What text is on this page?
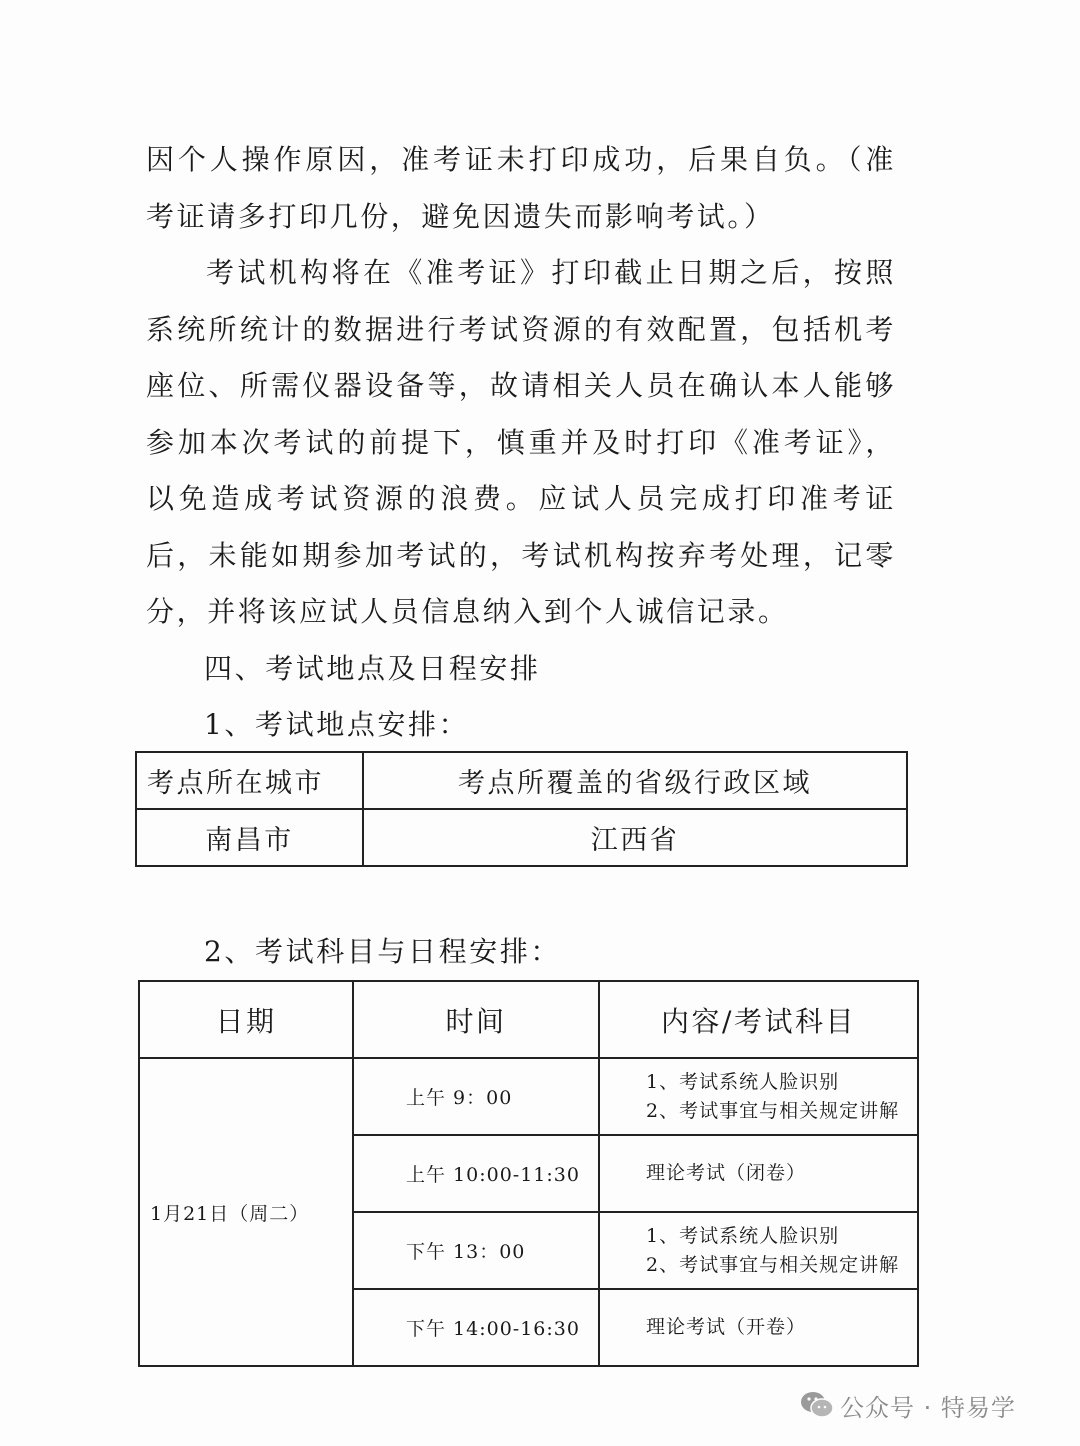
因个人操作原因，准考证未打印成功，后果自负。（准考证请多打印几份，避免因遗失而影响考试。）

考试机构将在《准考证》打印截止日期之后，按照系统所统计的数据进行考试资源的有效配置，包括机考座位、所需仪器设备等，故请相关人员在确认本人能够参加本次考试的前提下，慎重并及时打印《准考证》，以免造成考试资源的浪费。应试人员完成打印准考证后，未能如期参加考试的，考试机构按弃考处理，记零分，并将该应试人员信息纳入到个人诚信记录。

四、考试地点及日程安排

1、考试地点安排：

考点所在城市	考点所覆盖的省级行政区域
南昌市	江西省

2、考试科目与日程安排：

日期	时间	内容/考试科目
1月21日（周二）	上午 9：00	1、考试系统人脸识别
2、考试事宜与相关规定讲解

	上午 10:00-11:30	理论考试（闭卷）

	下午 13：00	1、考试系统人脸识别
2、考试事宜与相关规定讲解

	下午 14:00-16:30	理论考试（开卷）
公众号 · 特易学
